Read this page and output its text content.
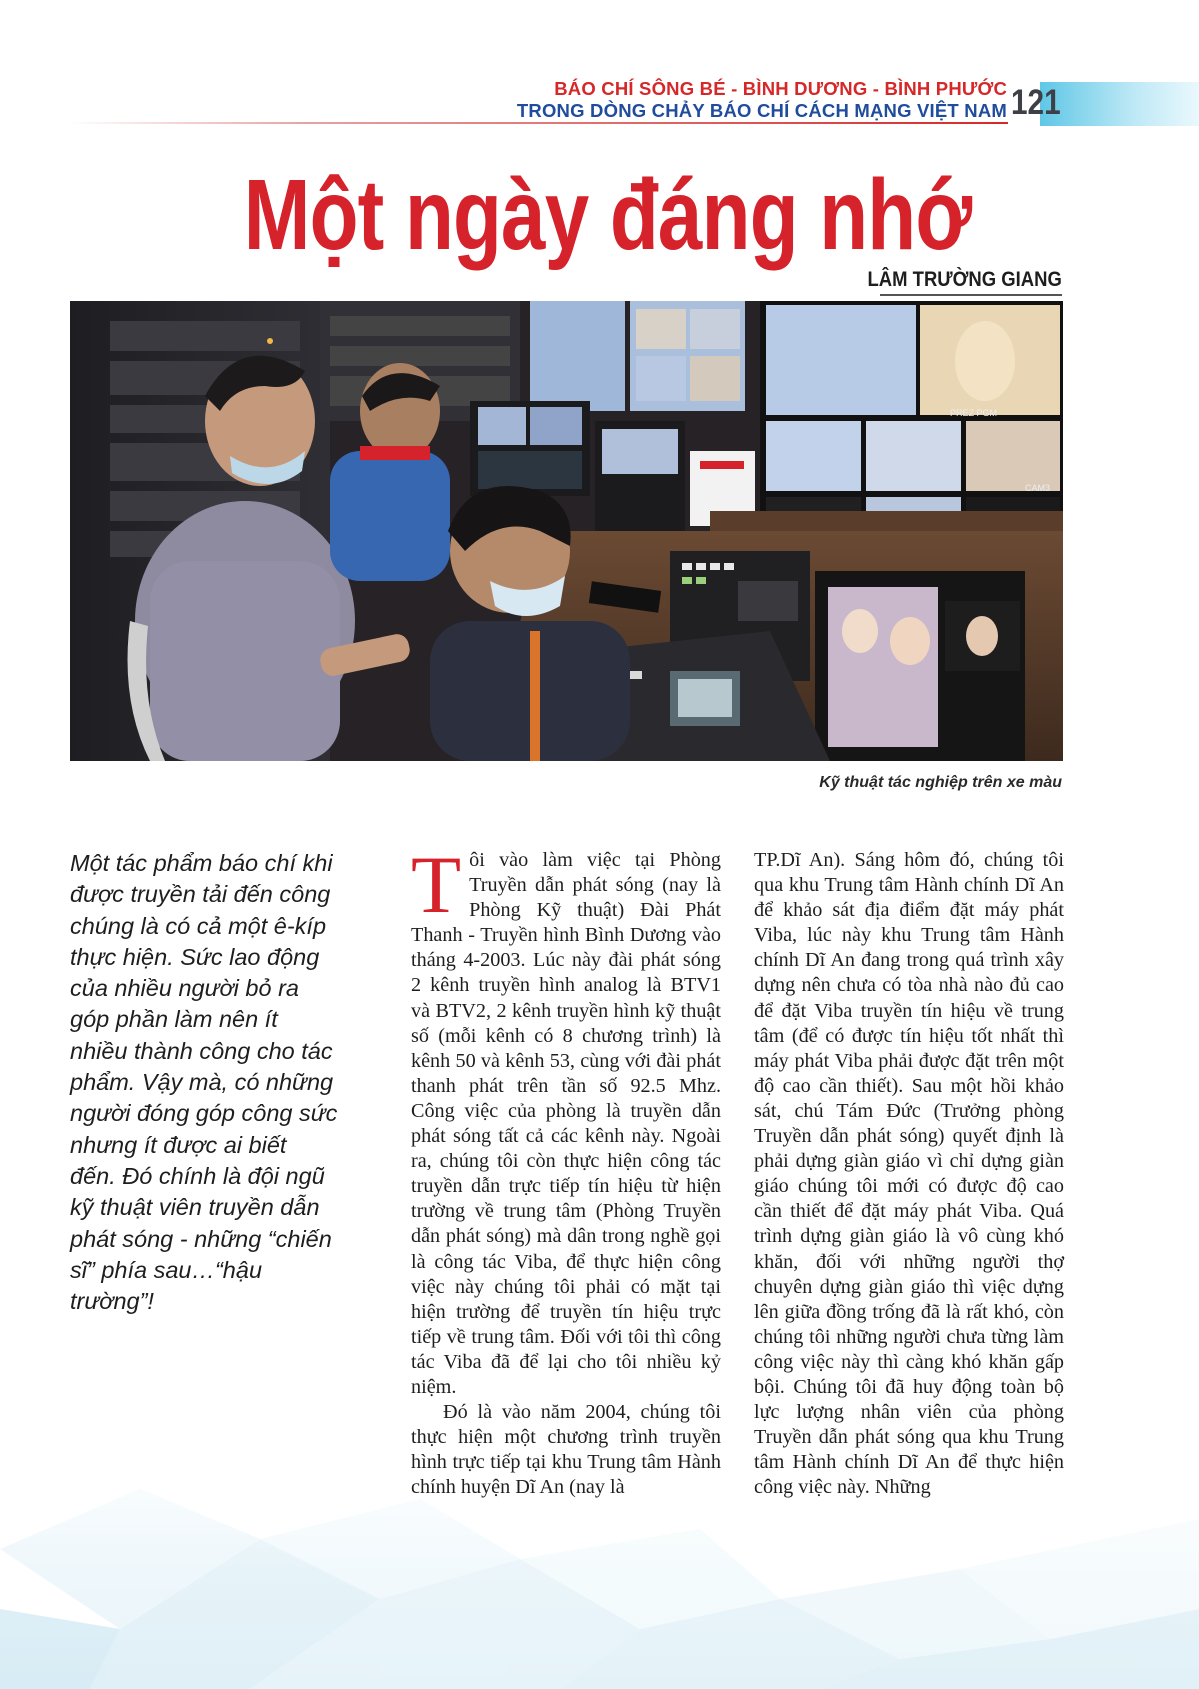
BÁO CHÍ SÔNG BÉ - BÌNH DƯƠNG - BÌNH PHƯỚC
TRONG DÒNG CHẢY BÁO CHÍ CÁCH MẠNG VIỆT NAM 121
Một ngày đáng nhớ
LÂM TRƯỜNG GIANG
PREZ PGM
CAM3
Kỹ thuật tác nghiệp trên xe màu
Một tác phẩm báo chí khi được truyền tải đến công chúng là có cả một ê-kíp thực hiện. Sức lao động của nhiều người bỏ ra góp phần làm nên ít nhiều thành công cho tác phẩm. Vậy mà, có những người đóng góp công sức nhưng ít được ai biết đến. Đó chính là đội ngũ kỹ thuật viên truyền dẫn phát sóng - những “chiến sĩ” phía sau…“hậu trường”!

Tôi vào làm việc tại Phòng Truyền dẫn phát sóng (nay là Phòng Kỹ thuật) Đài Phát Thanh - Truyền hình Bình Dương vào tháng 4-2003. Lúc này đài phát sóng 2 kênh truyền hình analog là BTV1 và BTV2, 2 kênh truyền hình kỹ thuật số (mỗi kênh có 8 chương trình) là kênh 50 và kênh 53, cùng với đài phát thanh phát trên tần số 92.5 Mhz. Công việc của phòng là truyền dẫn phát sóng tất cả các kênh này. Ngoài ra, chúng tôi còn thực hiện công tác truyền dẫn trực tiếp tín hiệu từ hiện trường về trung tâm (Phòng Truyền dẫn phát sóng) mà dân trong nghề gọi là công tác Viba, để thực hiện công việc này chúng tôi phải có mặt tại hiện trường để truyền tín hiệu trực tiếp về trung tâm. Đối với tôi thì công tác Viba đã để lại cho tôi nhiều kỷ niệm.

Đó là vào năm 2004, chúng tôi thực hiện một chương trình truyền hình trực tiếp tại khu Trung tâm Hành chính huyện Dĩ An (nay là

TP.Dĩ An). Sáng hôm đó, chúng tôi qua khu Trung tâm Hành chính Dĩ An để khảo sát địa điểm đặt máy phát Viba, lúc này khu Trung tâm Hành chính Dĩ An đang trong quá trình xây dựng nên chưa có tòa nhà nào đủ cao để đặt Viba truyền tín hiệu về trung tâm (để có được tín hiệu tốt nhất thì máy phát Viba phải được đặt trên một độ cao cần thiết). Sau một hồi khảo sát, chú Tám Đức (Trưởng phòng Truyền dẫn phát sóng) quyết định là phải dựng giàn giáo vì chỉ dựng giàn giáo chúng tôi mới có được độ cao cần thiết để đặt máy phát Viba. Quá trình dựng giàn giáo là vô cùng khó khăn, đối với những người thợ chuyên dựng giàn giáo thì việc dựng lên giữa đồng trống đã là rất khó, còn chúng tôi những người chưa từng làm công việc này thì càng khó khăn gấp bội. Chúng tôi đã huy động toàn bộ lực lượng nhân viên của phòng Truyền dẫn phát sóng qua khu Trung tâm Hành chính Dĩ An để thực hiện công việc này. Những
